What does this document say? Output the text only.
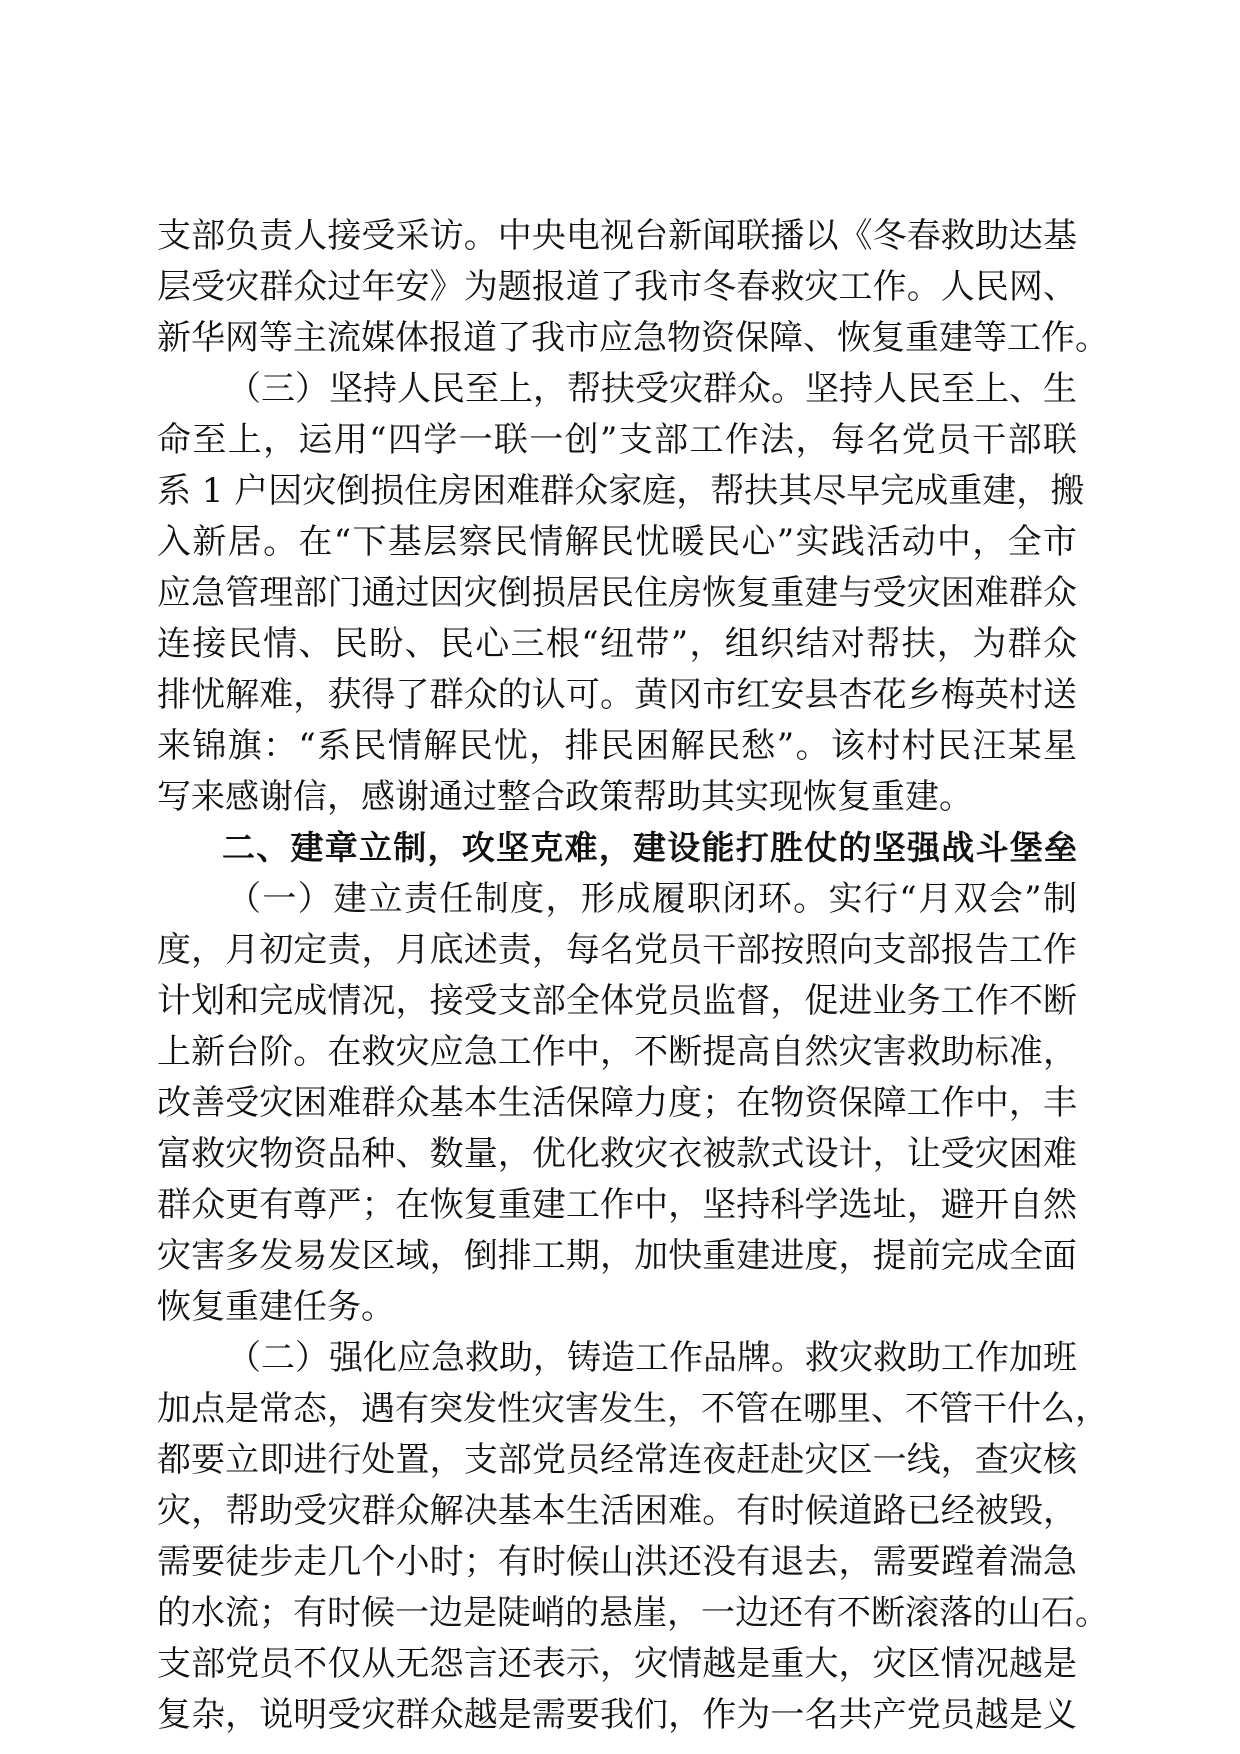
支部负责人接受采访。中央电视台新闻联播以《冬春救助达基
层受灾群众过年安》为题报道了我市冬春救灾工作。人民网、
新华网等主流媒体报道了我市应急物资保障、恢复重建等工作。
（三）坚持人民至上，帮扶受灾群众。坚持人民至上、生
命至上，运用“四学一联一创”支部工作法，每名党员干部联
系 1 户因灾倒损住房困难群众家庭，帮扶其尽早完成重建，搬
入新居。在“下基层察民情解民忧暖民心”实践活动中，全市
应急管理部门通过因灾倒损居民住房恢复重建与受灾困难群众
连接民情、民盼、民心三根“纽带”，组织结对帮扶，为群众
排忧解难，获得了群众的认可。黄冈市红安县杏花乡梅英村送
来锦旗：“系民情解民忧，排民困解民愁”。该村村民汪某星
写来感谢信，感谢通过整合政策帮助其实现恢复重建。
二、建章立制，攻坚克难，建设能打胜仗的坚强战斗堡垒
（一）建立责任制度，形成履职闭环。实行“月双会”制
度，月初定责，月底述责，每名党员干部按照向支部报告工作
计划和完成情况，接受支部全体党员监督，促进业务工作不断
上新台阶。在救灾应急工作中，不断提高自然灾害救助标准，
改善受灾困难群众基本生活保障力度；在物资保障工作中，丰
富救灾物资品种、数量，优化救灾衣被款式设计，让受灾困难
群众更有尊严；在恢复重建工作中，坚持科学选址，避开自然
灾害多发易发区域，倒排工期，加快重建进度，提前完成全面
恢复重建任务。
（二）强化应急救助，铸造工作品牌。救灾救助工作加班
加点是常态，遇有突发性灾害发生，不管在哪里、不管干什么，
都要立即进行处置，支部党员经常连夜赶赴灾区一线，查灾核
灾，帮助受灾群众解决基本生活困难。有时候道路已经被毁，
需要徒步走几个小时；有时候山洪还没有退去，需要蹚着湍急
的水流；有时候一边是陡峭的悬崖，一边还有不断滚落的山石。
支部党员不仅从无怨言还表示，灾情越是重大，灾区情况越是
复杂，说明受灾群众越是需要我们，作为一名共产党员越是义
